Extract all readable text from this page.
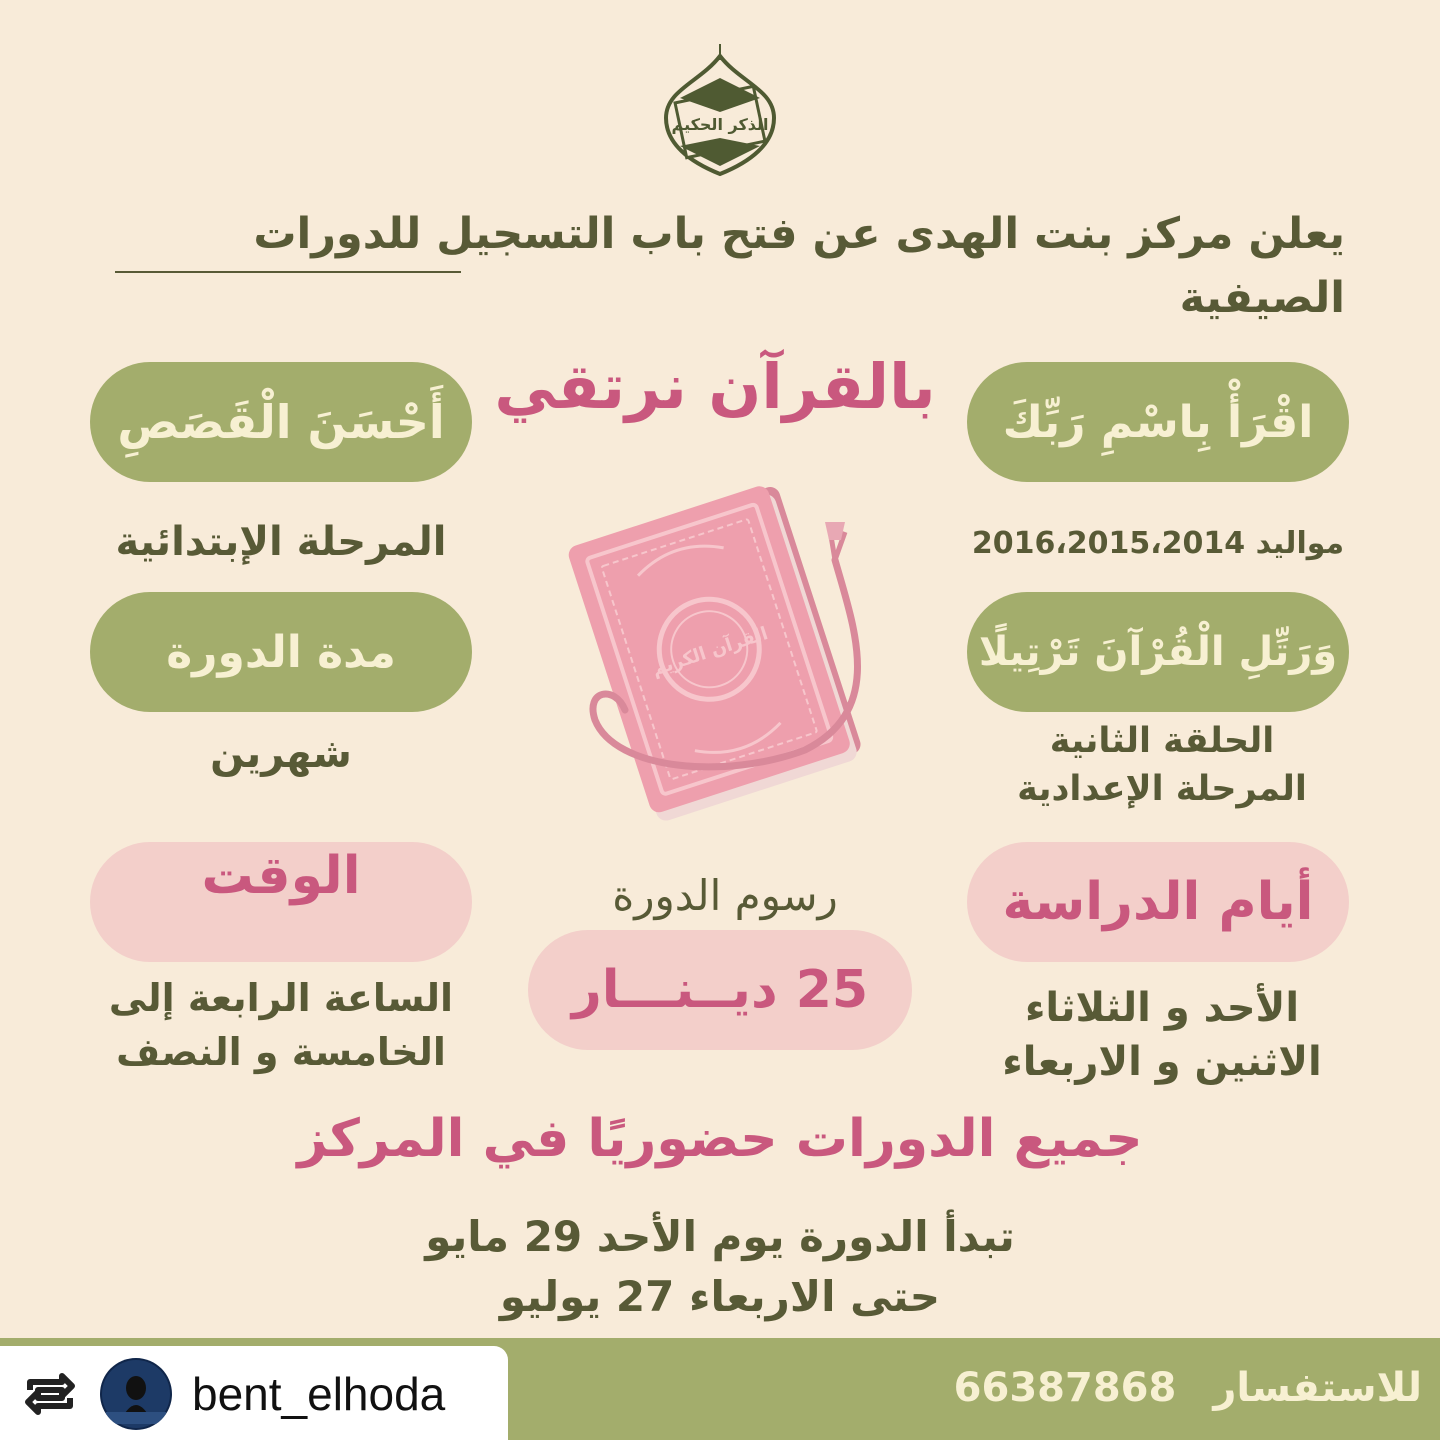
الذكر الحكيم
يعلن مركز بنت الهدى عن فتح باب التسجيل للدورات الصيفية
بالقرآن نرتقي
أَحْسَنَ الْقَصَصِ
المرحلة الإبتدائية
مدة الدورة
شهرين
الوقت
الساعة الرابعة إلى
الخامسة و النصف
اقْرَأْ بِاسْمِ رَبِّكَ
مواليد 2016،2015،2014
وَرَتِّلِ الْقُرْآنَ تَرْتِيلًا
الحلقة الثانية
المرحلة الإعدادية
أيام الدراسة
الأحد و الثلاثاء
الاثنين و الاربعاء
القرآن الكريم
رسوم الدورة
25 ديــنـــار
جميع الدورات حضوريًا في المركز
تبدأ الدورة يوم الأحد 29 مايو
حتى الاربعاء 27 يوليو
للاستفسار
66387868
bent_elhoda
